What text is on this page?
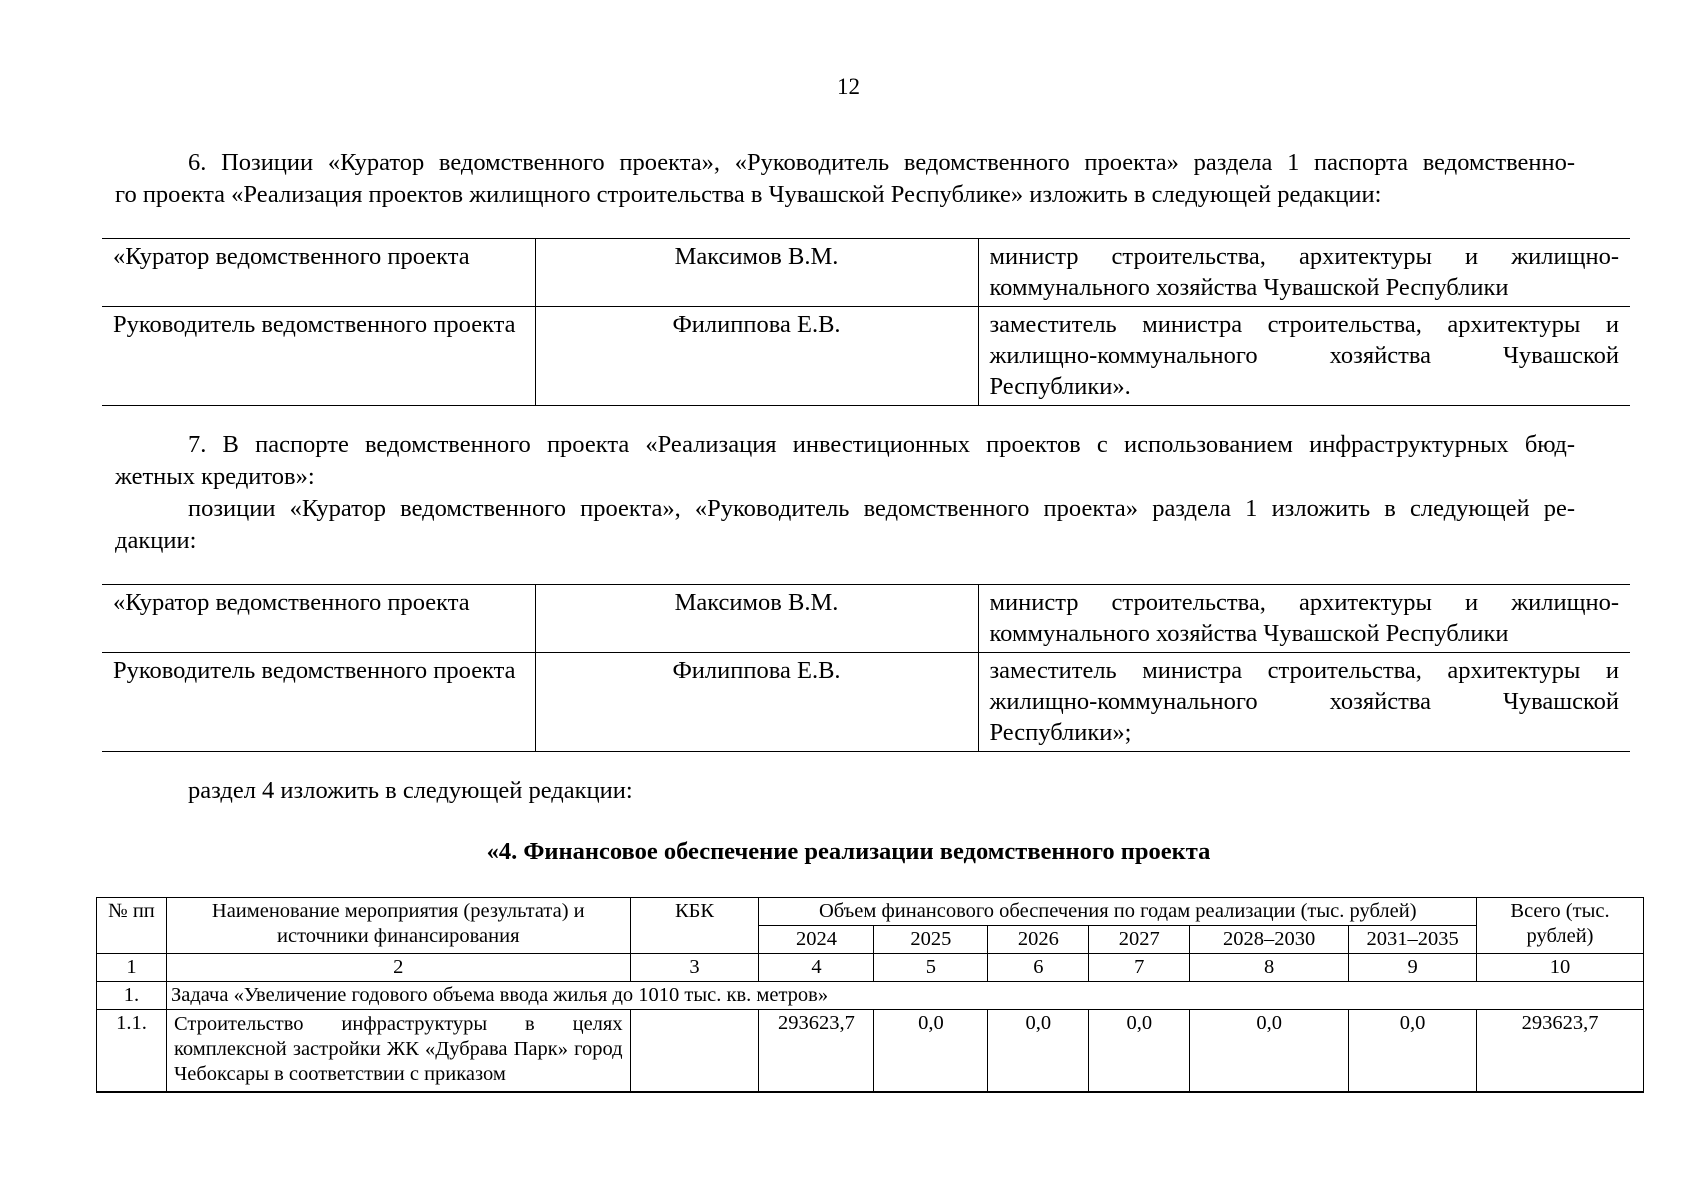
12

6. Позиции «Куратор ведомственного проекта», «Руководитель ведомственного проекта» раздела 1 паспорта ведомственно-

го проекта «Реализация проектов жилищного строительства в Чувашской Республике» изложить в следующей редакции:

«Куратор ведомственного проекта	Максимов В.М.	министр строительства, архитектуры и жилищно-коммунального хозяйства Чувашской Республики
Руководитель ведомственного проекта	Филиппова Е.В.	заместитель министра строительства, архитектуры и жилищно-коммунального хозяйства Чувашской Республики».

7. В паспорте ведомственного проекта «Реализация инвестиционных проектов с использованием инфраструктурных бюд-

жетных кредитов»:

позиции «Куратор ведомственного проекта», «Руководитель ведомственного проекта» раздела 1 изложить в следующей ре-

дакции:

«Куратор ведомственного проекта	Максимов В.М.	министр строительства, архитектуры и жилищно-коммунального хозяйства Чувашской Республики
Руководитель ведомственного проекта	Филиппова Е.В.	заместитель министра строительства, архитектуры и жилищно-коммунального хозяйства Чувашской Республики»;

раздел 4 изложить в следующей редакции:

«4. Финансовое обеспечение реализации ведомственного проекта
№ пп	Наименование мероприятия (результата) и источники финансирования	КБК	Объем финансового обеспечения по годам реализации (тыс. рублей)						Всего (тыс. рублей)
			2024	2025	2026	2027	2028–2030	2031–2035	
1	2	3	4	5	6	7	8	9	10
1.	Задача «Увеличение годового объема ввода жилья до 1010 тыс. кв. метров»								
1.1.	Строительство инфраструктуры в целях комплексной застройки ЖК «Дубрава Парк» город Чебоксары в соответствии с приказом		293623,7	0,0	0,0	0,0	0,0	0,0	293623,7
